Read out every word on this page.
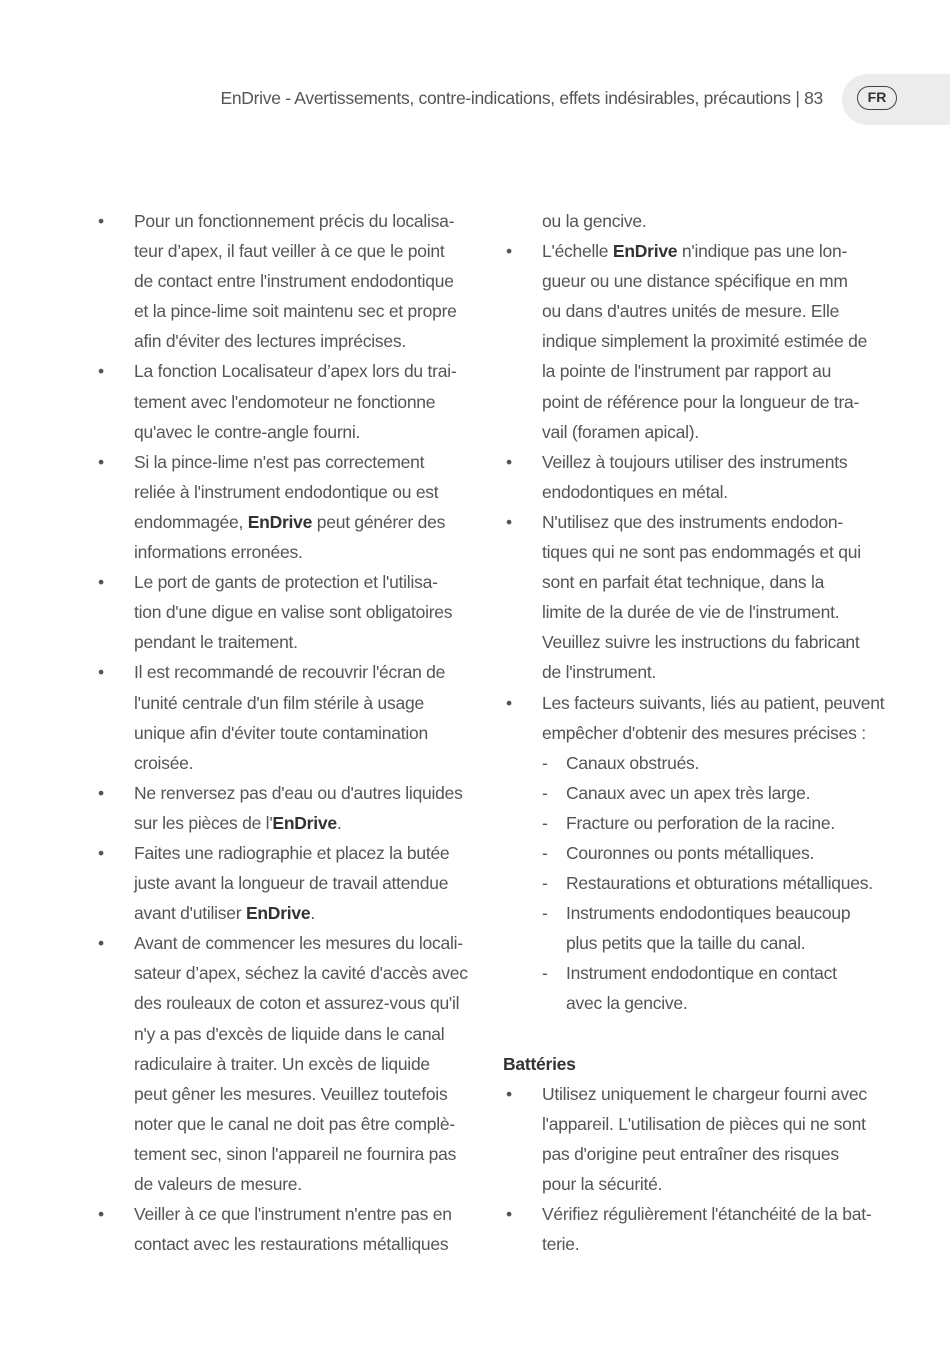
EnDrive - Avertissements, contre-indications, effets indésirables, précautions | 83	FR
• Pour un fonctionnement précis du localisa-
teur d’apex, il faut veiller à ce que le point
de contact entre l'instrument endodontique
et la pince-lime soit maintenu sec et propre
afin d'éviter des lectures imprécises.
• La fonction Localisateur d’apex lors du trai-
tement avec l'endomoteur ne fonctionne
qu'avec le contre-angle fourni.
• Si la pince-lime n'est pas correctement
reliée à l'instrument endodontique ou est
endommagée, EnDrive peut générer des
informations erronées.
• Le port de gants de protection et l'utilisa-
tion d'une digue en valise sont obligatoires
pendant le traitement.
• Il est recommandé de recouvrir l'écran de
l'unité centrale d'un film stérile à usage
unique afin d'éviter toute contamination
croisée.
• Ne renversez pas d'eau ou d'autres liquides
sur les pièces de l'EnDrive.
• Faites une radiographie et placez la butée
juste avant la longueur de travail attendue
avant d'utiliser EnDrive.
• Avant de commencer les mesures du locali-
sateur d’apex, séchez la cavité d'accès avec
des rouleaux de coton et assurez-vous qu'il
n'y a pas d'excès de liquide dans le canal
radiculaire à traiter. Un excès de liquide
peut gêner les mesures. Veuillez toutefois
noter que le canal ne doit pas être complè-
tement sec, sinon l'appareil ne fournira pas
de valeurs de mesure.
• Veiller à ce que l'instrument n'entre pas en
contact avec les restaurations métalliques
ou la gencive.
• L'échelle EnDrive n'indique pas une lon-
gueur ou une distance spécifique en mm
ou dans d'autres unités de mesure. Elle
indique simplement la proximité estimée de
la pointe de l'instrument par rapport au
point de référence pour la longueur de tra-
vail (foramen apical).
• Veillez à toujours utiliser des instruments
endodontiques en métal.
• N'utilisez que des instruments endodon-
tiques qui ne sont pas endommagés et qui
sont en parfait état technique, dans la
limite de la durée de vie de l'instrument.
Veuillez suivre les instructions du fabricant
de l'instrument.
• Les facteurs suivants, liés au patient, peuvent
empêcher d'obtenir des mesures précises :
- Canaux obstrués.
- Canaux avec un apex très large.
- Fracture ou perforation de la racine.
- Couronnes ou ponts métalliques.
- Restaurations et obturations métalliques.
- Instruments endodontiques beaucoup
plus petits que la taille du canal.
- Instrument endodontique en contact
avec la gencive.
Battéries
• Utilisez uniquement le chargeur fourni avec
l'appareil. L'utilisation de pièces qui ne sont
pas d'origine peut entraîner des risques
pour la sécurité.
• Vérifiez régulièrement l'étanchéité de la bat-
terie.
